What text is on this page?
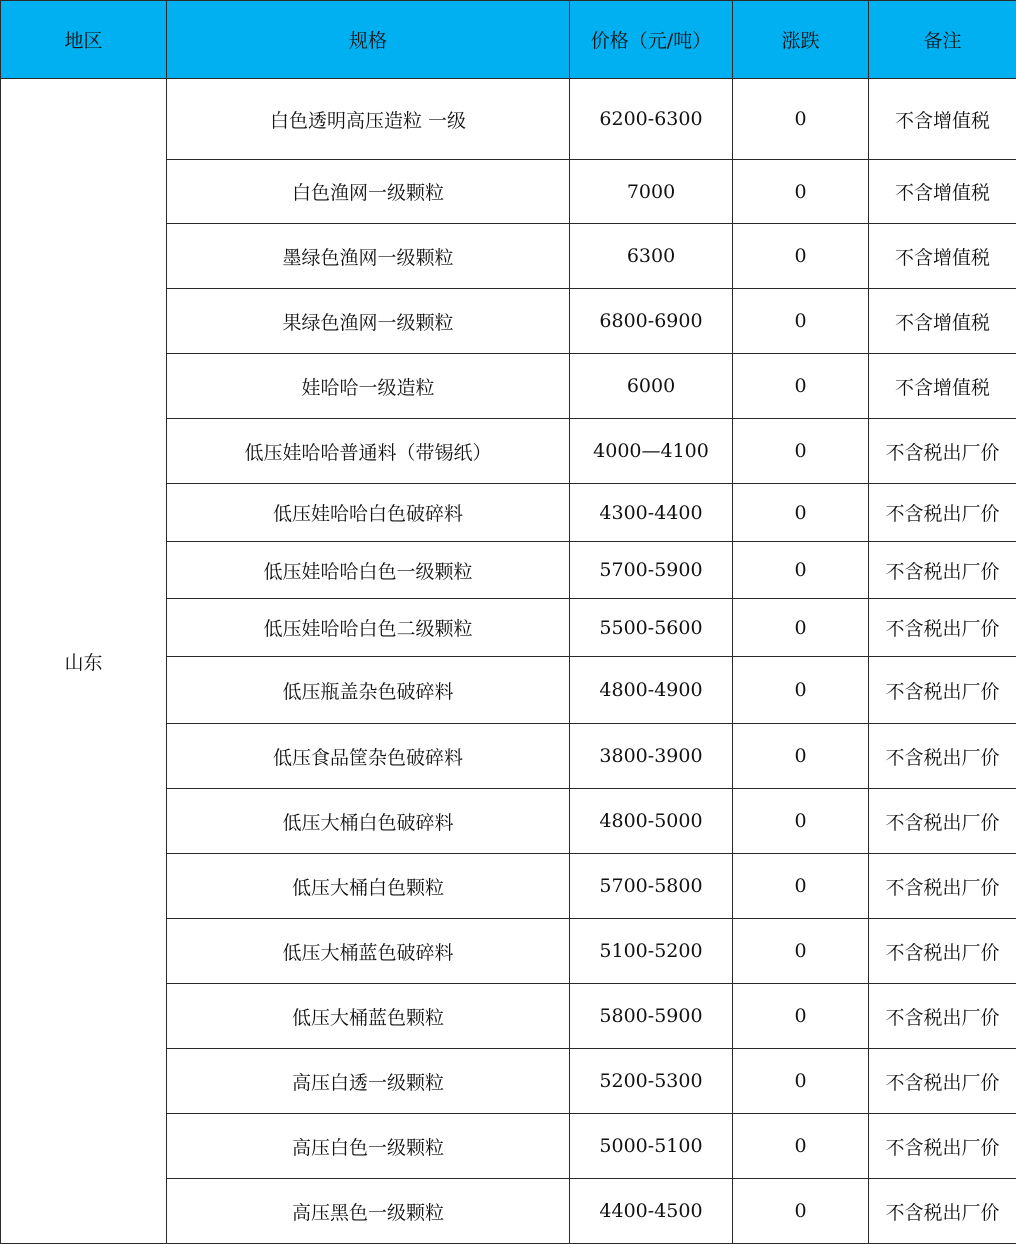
地区	规格	价格（元/吨）	涨跌	备注
山东	白色透明高压造粒 一级	6200-6300	0	不含增值税
	白色渔网一级颗粒	7000	0	不含增值税
	墨绿色渔网一级颗粒	6300	0	不含增值税
	果绿色渔网一级颗粒	6800-6900	0	不含增值税
	娃哈哈一级造粒	6000	0	不含增值税
	低压娃哈哈普通料（带锡纸）	4000—4100	0	不含税出厂价
	低压娃哈哈白色破碎料	4300-4400	0	不含税出厂价
	低压娃哈哈白色一级颗粒	5700-5900	0	不含税出厂价
	低压娃哈哈白色二级颗粒	5500-5600	0	不含税出厂价
	低压瓶盖杂色破碎料	4800-4900	0	不含税出厂价
	低压食品筐杂色破碎料	3800-3900	0	不含税出厂价
	低压大桶白色破碎料	4800-5000	0	不含税出厂价
	低压大桶白色颗粒	5700-5800	0	不含税出厂价
	低压大桶蓝色破碎料	5100-5200	0	不含税出厂价
	低压大桶蓝色颗粒	5800-5900	0	不含税出厂价
	高压白透一级颗粒	5200-5300	0	不含税出厂价
	高压白色一级颗粒	5000-5100	0	不含税出厂价
	高压黑色一级颗粒	4400-4500	0	不含税出厂价
